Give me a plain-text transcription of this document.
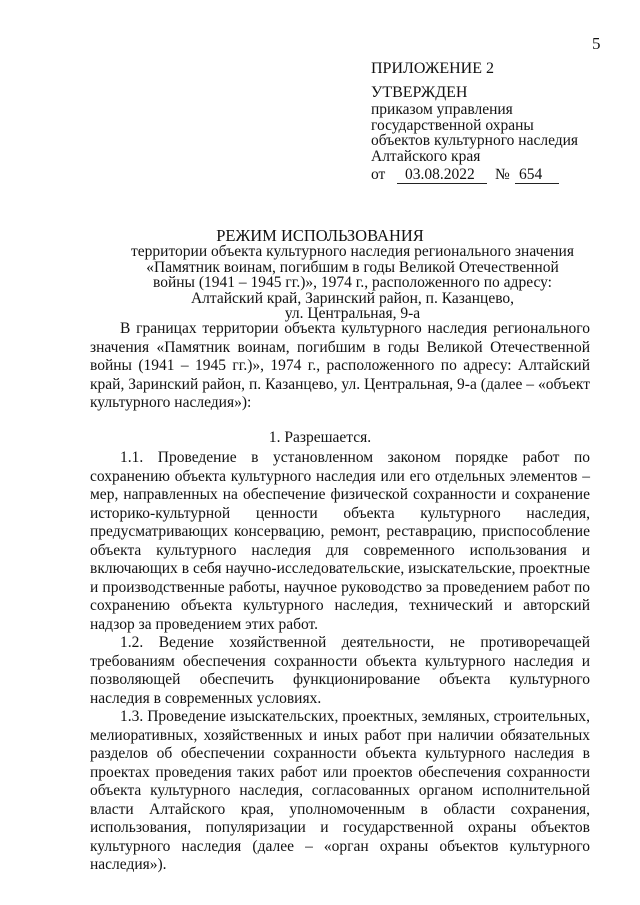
5
ПРИЛОЖЕНИЕ 2
УТВЕРЖДЕН
приказом управления
государственной охраны
объектов культурного наследия
Алтайского края
от	03.08.2022	№ 654
РЕЖИМ ИСПОЛЬЗОВАНИЯ
территории объекта культурного наследия регионального значения
«Памятник воинам, погибшим в годы Великой Отечественной
войны (1941 – 1945 гг.)», 1974 г., расположенного по адресу:
Алтайский край, Заринский район, п. Казанцево,
ул. Центральная, 9-а

В границах территории объекта культурного наследия регионального значения «Памятник воинам, погибшим в годы Великой Отечественной войны (1941 – 1945 гг.)», 1974 г., расположенного по адресу: Алтайский край, Заринский район, п. Казанцево, ул. Центральная, 9-а (далее – «объект культурного наследия»):

1. Разрешается.

1.1. Проведение в установленном законом порядке работ по сохранению объекта культурного наследия или его отдельных элементов – мер, направленных на обеспечение физической сохранности и сохранение историко-культурной ценности объекта культурного наследия, предусматривающих консервацию, ремонт, реставрацию, приспособление объекта культурного наследия для современного использования и включающих в себя научно-исследовательские, изыскательские, проектные и производственные работы, научное руководство за проведением работ по сохранению объекта культурного наследия, технический и авторский надзор за проведением этих работ.

1.2. Ведение хозяйственной деятельности, не противоречащей требованиям обеспечения сохранности объекта культурного наследия и позволяющей обеспечить функционирование объекта культурного наследия в современных условиях.

1.3. Проведение изыскательских, проектных, земляных, строительных, мелиоративных, хозяйственных и иных работ при наличии обязательных разделов об обеспечении сохранности объекта культурного наследия в проектах проведения таких работ или проектов обеспечения сохранности объекта культурного наследия, согласованных органом исполнительной власти Алтайского края, уполномоченным в области сохранения, использования, популяризации и государственной охраны объектов культурного наследия (далее – «орган охраны объектов культурного наследия»).
